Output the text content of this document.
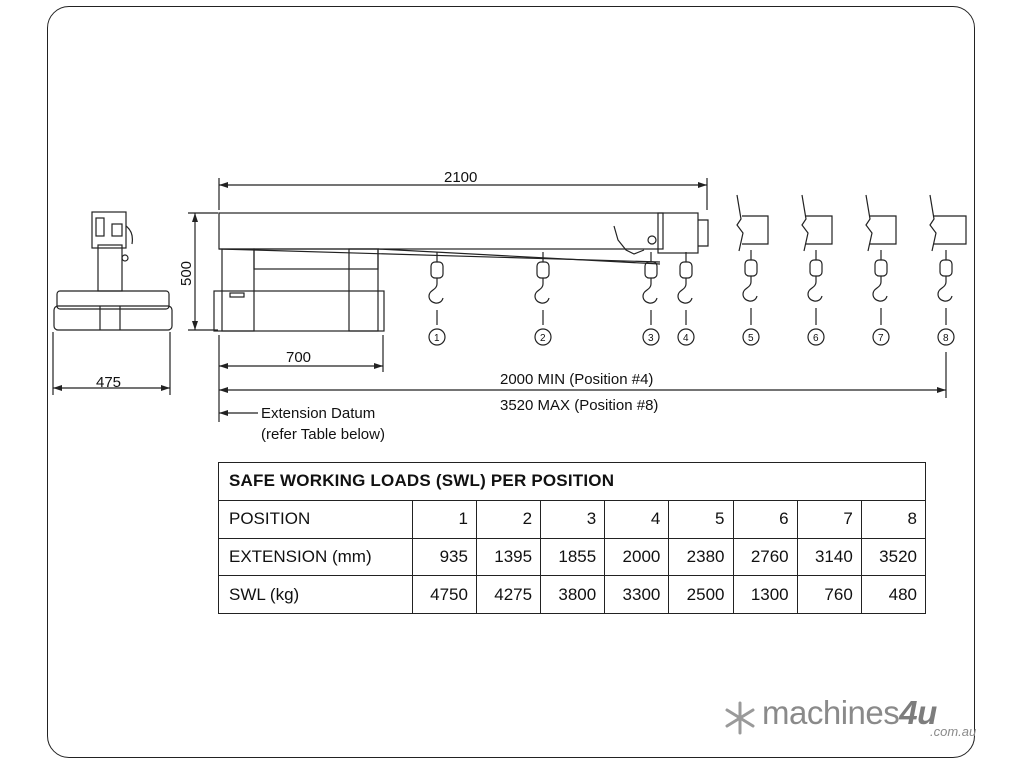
2100
500
475
700
2000 MIN (Position #4)
3520 MAX (Position #8)
Extension Datum
(refer Table below)
1	2	3	4	5	6	7	8
SAFE WORKING LOADS (SWL) PER POSITION								
POSITION	1	2	3	4	5	6	7	8
EXTENSION (mm)	935	1395	1855	2000	2380	2760	3140	3520
SWL (kg)	4750	4275	3800	3300	2500	1300	760	480
machines4u
.com.au
